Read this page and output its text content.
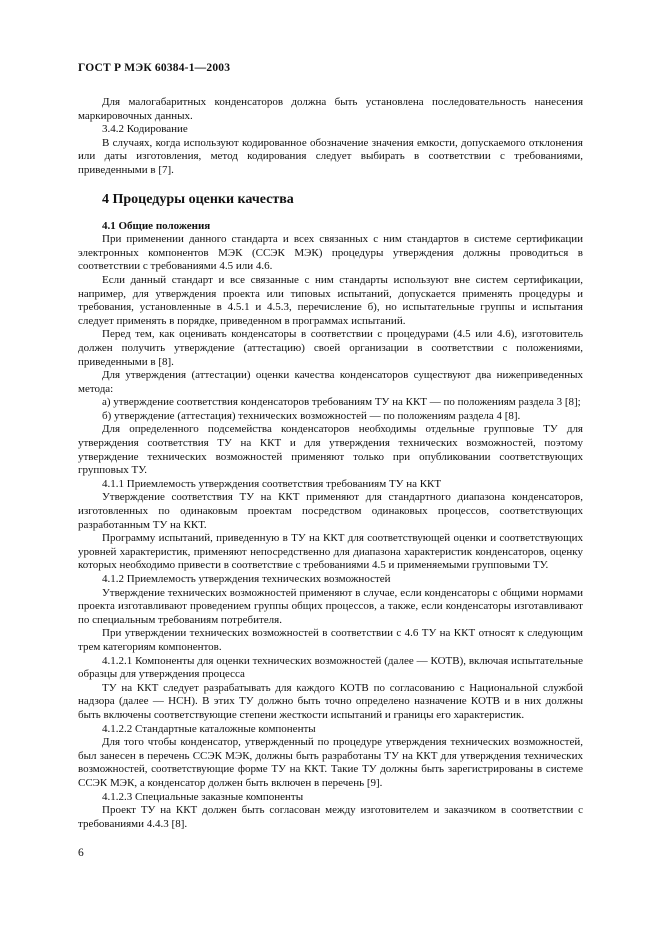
ГОСТ Р МЭК 60384-1—2003

Для малогабаритных конденсаторов должна быть установлена последовательность нанесения маркировочных данных.

3.4.2 Кодирование

В случаях, когда используют кодированное обозначение значения емкости, допускаемого отклонения или даты изготовления, метод кодирования следует выбирать в соответствии с требованиями, приведенными в [7].

4 Процедуры оценки качества

4.1 Общие положения

При применении данного стандарта и всех связанных с ним стандартов в системе сертификации электронных компонентов МЭК (ССЭК МЭК) процедуры утверждения должны проводиться в соответствии с требованиями 4.5 или 4.6.

Если данный стандарт и все связанные с ним стандарты используют вне систем сертификации, например, для утверждения проекта или типовых испытаний, допускается применять процедуры и требования, установленные в 4.5.1 и 4.5.3, перечисление б), но испытательные группы и испытания следует применять в порядке, приведенном в программах испытаний.

Перед тем, как оценивать конденсаторы в соответствии с процедурами (4.5 или 4.6), изготовитель должен получить утверждение (аттестацию) своей организации в соответствии с положениями, приведенными в [8].

Для утверждения (аттестации) оценки качества конденсаторов существуют два нижеприведенных метода:

а) утверждение соответствия конденсаторов требованиям ТУ на ККТ — по положениям раздела 3 [8];

б) утверждение (аттестация) технических возможностей — по положениям раздела 4 [8].

Для определенного подсемейства конденсаторов необходимы отдельные групповые ТУ для утверждения соответствия ТУ на ККТ и для утверждения технических возможностей, поэтому утверждение технических возможностей применяют только при опубликовании соответствующих групповых ТУ.

4.1.1 Приемлемость утверждения соответствия требованиям ТУ на ККТ

Утверждение соответствия ТУ на ККТ применяют для стандартного диапазона конденсаторов, изготовленных по одинаковым проектам посредством одинаковых процессов, соответствующих разработанным ТУ на ККТ.

Программу испытаний, приведенную в ТУ на ККТ для соответствующей оценки и соответствующих уровней характеристик, применяют непосредственно для диапазона характеристик конденсаторов, оценку которых необходимо привести в соответствие с требованиями 4.5 и применяемыми групповыми ТУ.

4.1.2 Приемлемость утверждения технических возможностей

Утверждение технических возможностей применяют в случае, если конденсаторы с общими нормами проекта изготавливают проведением группы общих процессов, а также, если конденсаторы изготавливают по специальным требованиям потребителя.

При утверждении технических возможностей в соответствии с 4.6 ТУ на ККТ относят к следующим трем категориям компонентов.

4.1.2.1 Компоненты для оценки технических возможностей (далее — КОТВ), включая испытательные образцы для утверждения процесса

ТУ на ККТ следует разрабатывать для каждого КОТВ по согласованию с Национальной службой надзора (далее — НСН). В этих ТУ должно быть точно определено назначение КОТВ и в них должны быть включены соответствующие степени жесткости испытаний и границы его характеристик.

4.1.2.2 Стандартные каталожные компоненты

Для того чтобы конденсатор, утвержденный по процедуре утверждения технических возможностей, был занесен в перечень ССЭК МЭК, должны быть разработаны ТУ на ККТ для утверждения технических возможностей, соответствующие форме ТУ на ККТ. Такие ТУ должны быть зарегистрированы в системе ССЭК МЭК, а конденсатор должен быть включен в перечень [9].

4.1.2.3 Специальные заказные компоненты

Проект ТУ на ККТ должен быть согласован между изготовителем и заказчиком в соответствии с требованиями 4.4.3 [8].

6
